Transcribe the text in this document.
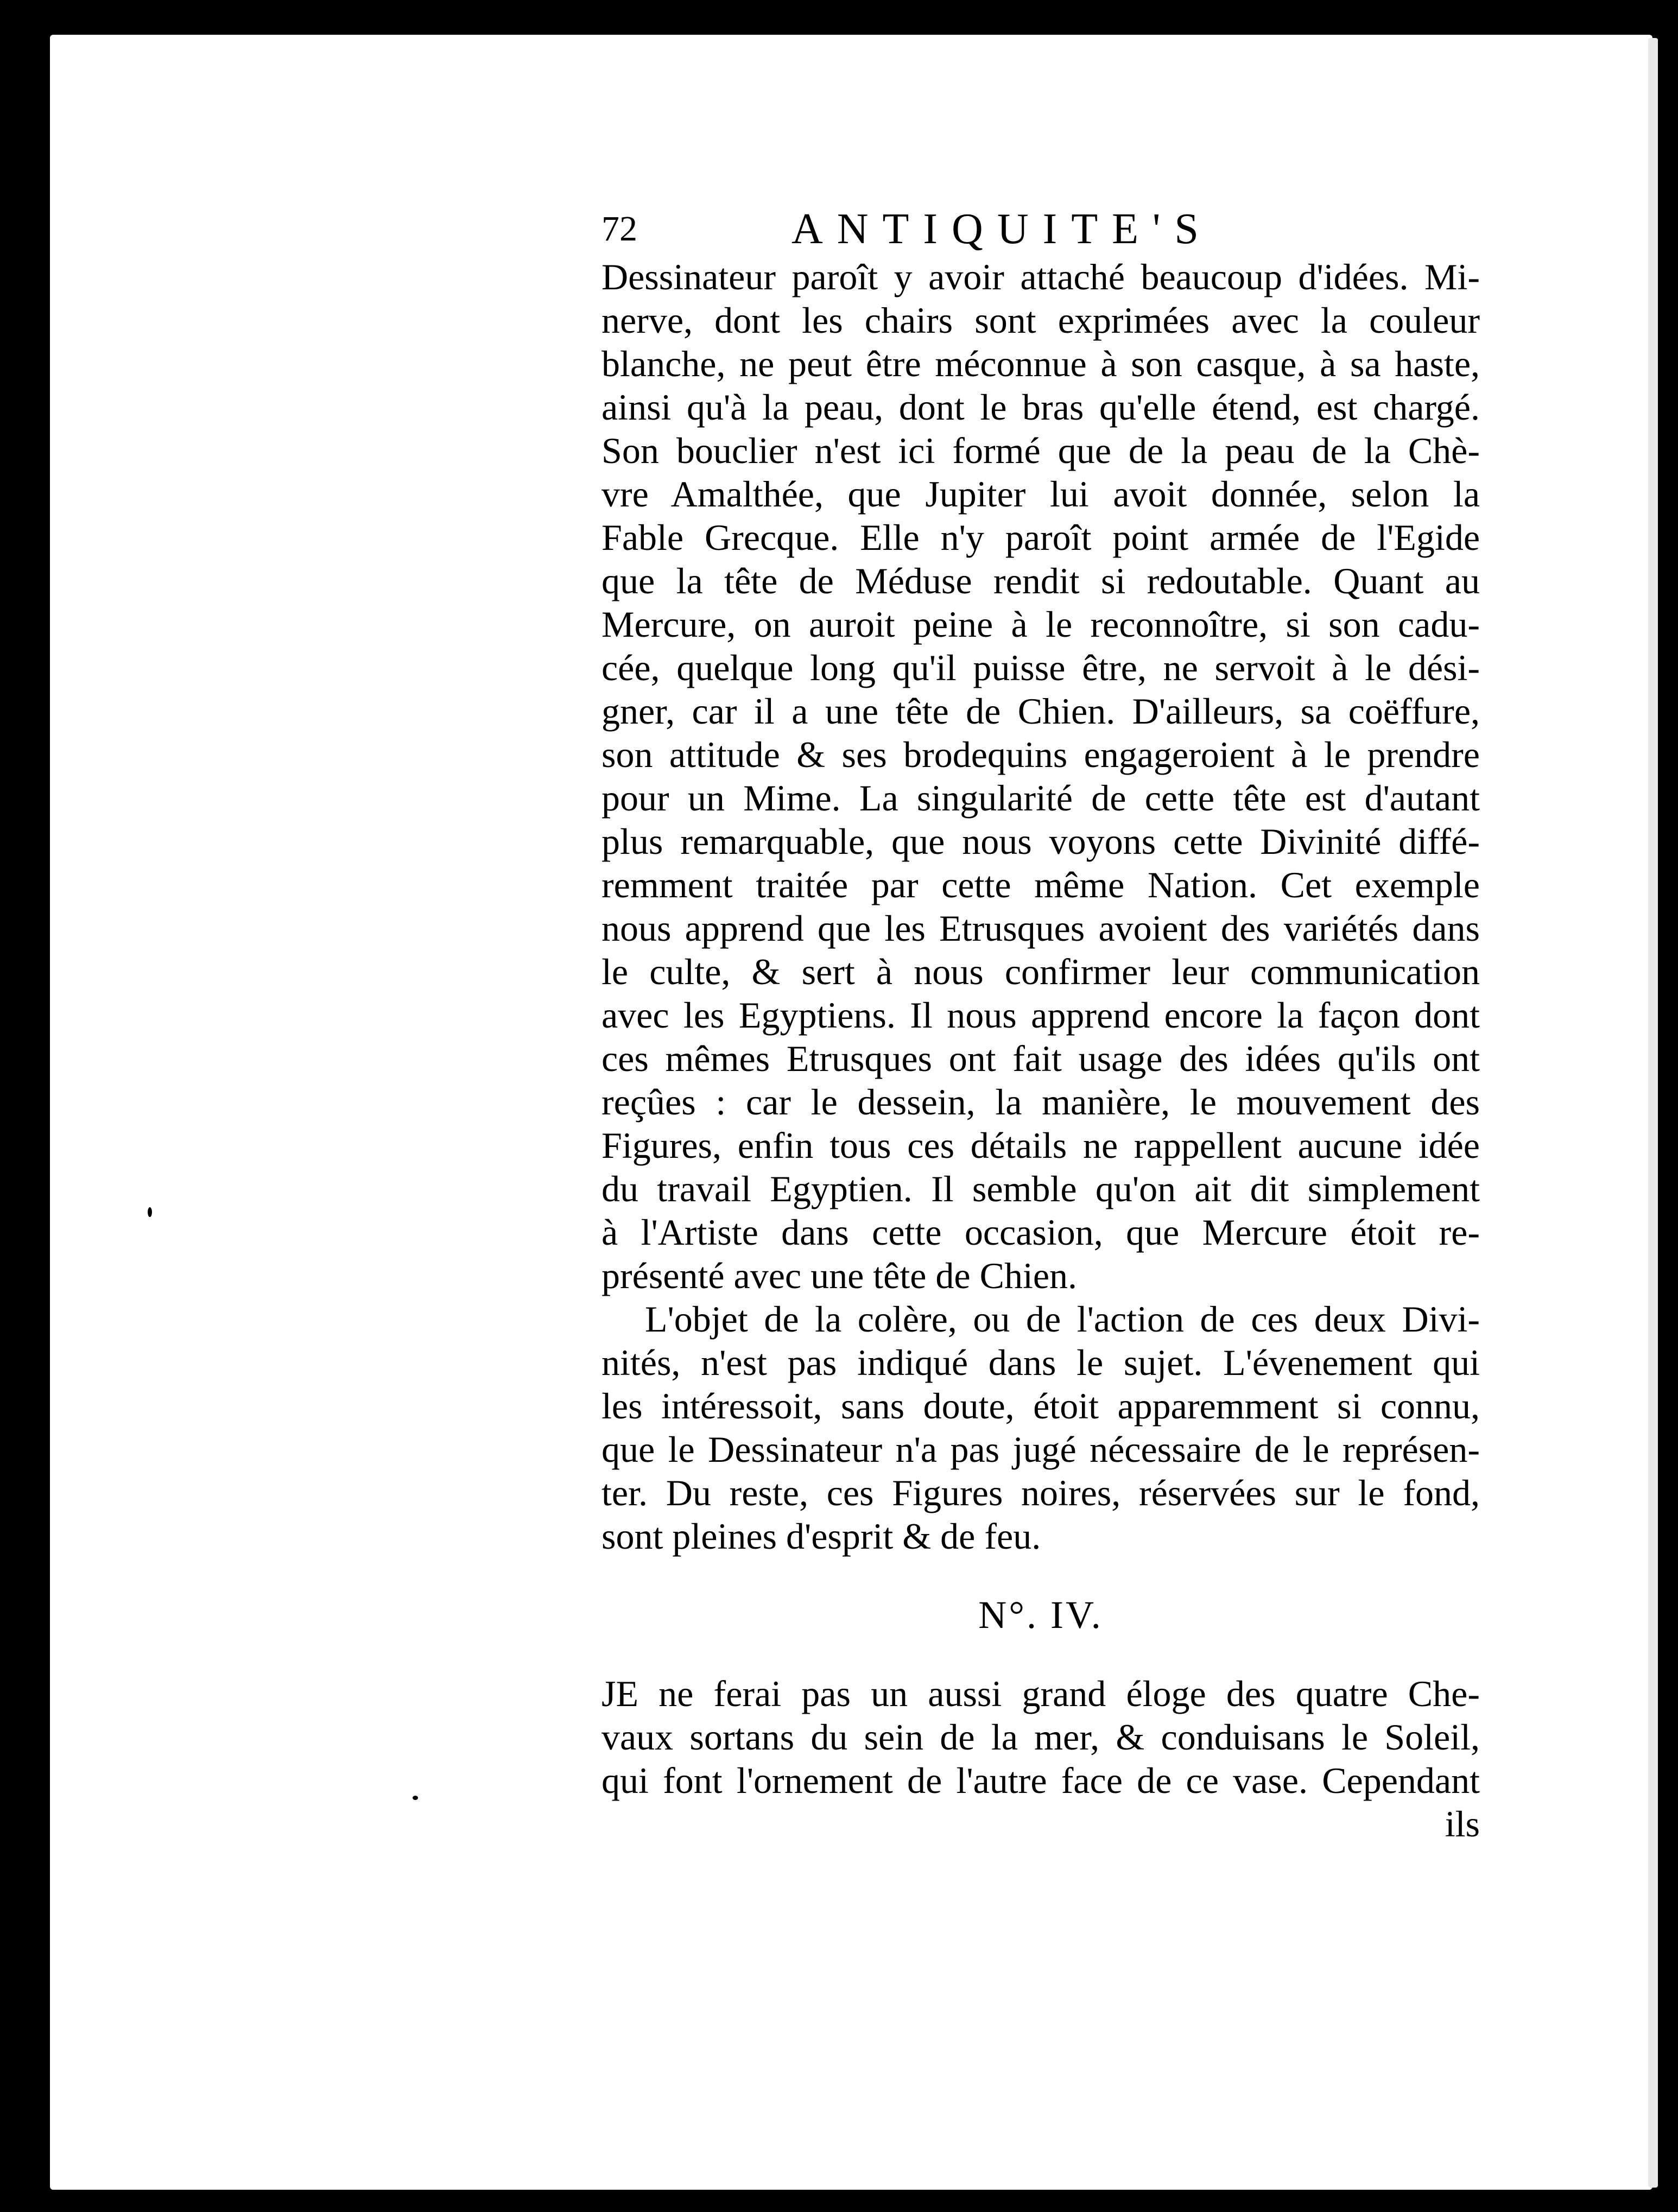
72	ANTIQUITE'S
Dessinateur paroît y avoir attaché beaucoup d'idées. Mi-
nerve, dont les chairs sont exprimées avec la couleur
blanche, ne peut être méconnue à son casque, à sa haste,
ainsi qu'à la peau, dont le bras qu'elle étend, est chargé.
Son bouclier n'est ici formé que de la peau de la Chè-
vre Amalthée, que Jupiter lui avoit donnée, selon la
Fable Grecque. Elle n'y paroît point armée de l'Egide
que la tête de Méduse rendit si redoutable. Quant au
Mercure, on auroit peine à le reconnoître, si son cadu-
cée, quelque long qu'il puisse être, ne servoit à le dési-
gner, car il a une tête de Chien. D'ailleurs, sa coëffure,
son attitude & ses brodequins engageroient à le prendre
pour un Mime. La singularité de cette tête est d'autant
plus remarquable, que nous voyons cette Divinité diffé-
remment traitée par cette même Nation. Cet exemple
nous apprend que les Etrusques avoient des variétés dans
le culte, & sert à nous confirmer leur communication
avec les Egyptiens. Il nous apprend encore la façon dont
ces mêmes Etrusques ont fait usage des idées qu'ils ont
reçûes : car le dessein, la manière, le mouvement des
Figures, enfin tous ces détails ne rappellent aucune idée
du travail Egyptien. Il semble qu'on ait dit simplement
à l'Artiste dans cette occasion, que Mercure étoit re-
présenté avec une tête de Chien.
L'objet de la colère, ou de l'action de ces deux Divi-
nités, n'est pas indiqué dans le sujet. L'évenement qui
les intéressoit, sans doute, étoit apparemment si connu,
que le Dessinateur n'a pas jugé nécessaire de le représen-
ter. Du reste, ces Figures noires, réservées sur le fond,
sont pleines d'esprit & de feu.
N°. IV.
JE ne ferai pas un aussi grand éloge des quatre Che-
vaux sortans du sein de la mer, & conduisans le Soleil,
qui font l'ornement de l'autre face de ce vase. Cependant
ils
